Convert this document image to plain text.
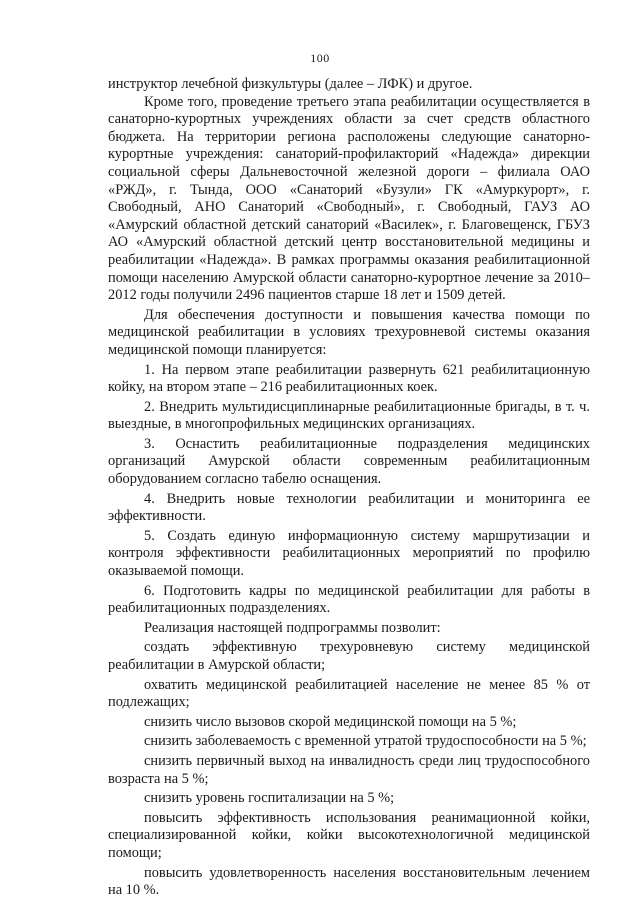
100

инструктор лечебной физкультуры (далее – ЛФК) и другое.

Кроме того, проведение третьего этапа реабилитации осуществляется в санаторно-курортных учреждениях области за счет средств областного бюджета. На территории региона расположены следующие санаторно-курортные учреждения: санаторий-профилакторий «Надежда» дирекции социальной сферы Дальневосточной железной дороги – филиала ОАО «РЖД», г. Тында, ООО «Санаторий «Бузули» ГК «Амуркурорт», г. Свободный, АНО Санаторий «Свободный», г. Свободный, ГАУЗ АО «Амурский областной детский санаторий «Василек», г. Благовещенск, ГБУЗ АО «Амурский областной детский центр восстановительной медицины и реабилитации «Надежда». В рамках программы оказания реабилитационной помощи населению Амурской области санаторно-курортное лечение за 2010–2012 годы получили 2496 пациентов старше 18 лет и 1509 детей.

Для обеспечения доступности и повышения качества помощи по медицинской реабилитации в условиях трехуровневой системы оказания медицинской помощи планируется:

1. На первом этапе реабилитации развернуть 621 реабилитационную койку, на втором этапе – 216 реабилитационных коек.

2. Внедрить мультидисциплинарные реабилитационные бригады, в т. ч. выездные, в многопрофильных медицинских организациях.

3. Оснастить реабилитационные подразделения медицинских организаций Амурской области современным реабилитационным оборудованием согласно табелю оснащения.

4. Внедрить новые технологии реабилитации и мониторинга ее эффективности.

5. Создать единую информационную систему маршрутизации и контроля эффективности реабилитационных мероприятий по профилю оказываемой помощи.

6. Подготовить кадры по медицинской реабилитации для работы в реабилитационных подразделениях.

Реализация настоящей подпрограммы позволит:

создать эффективную трехуровневую систему медицинской реабилитации в Амурской области;

охватить медицинской реабилитацией население не менее 85 % от подлежащих;

снизить число вызовов скорой медицинской помощи на 5 %;

снизить заболеваемость с временной утратой трудоспособности на 5 %;

снизить первичный выход на инвалидность среди лиц трудоспособного возраста на 5 %;

снизить уровень госпитализации на 5 %;

повысить эффективность использования реанимационной койки, специализированной койки, койки высокотехнологичной медицинской помощи;

повысить удовлетворенность населения восстановительным лечением на 10 %.
